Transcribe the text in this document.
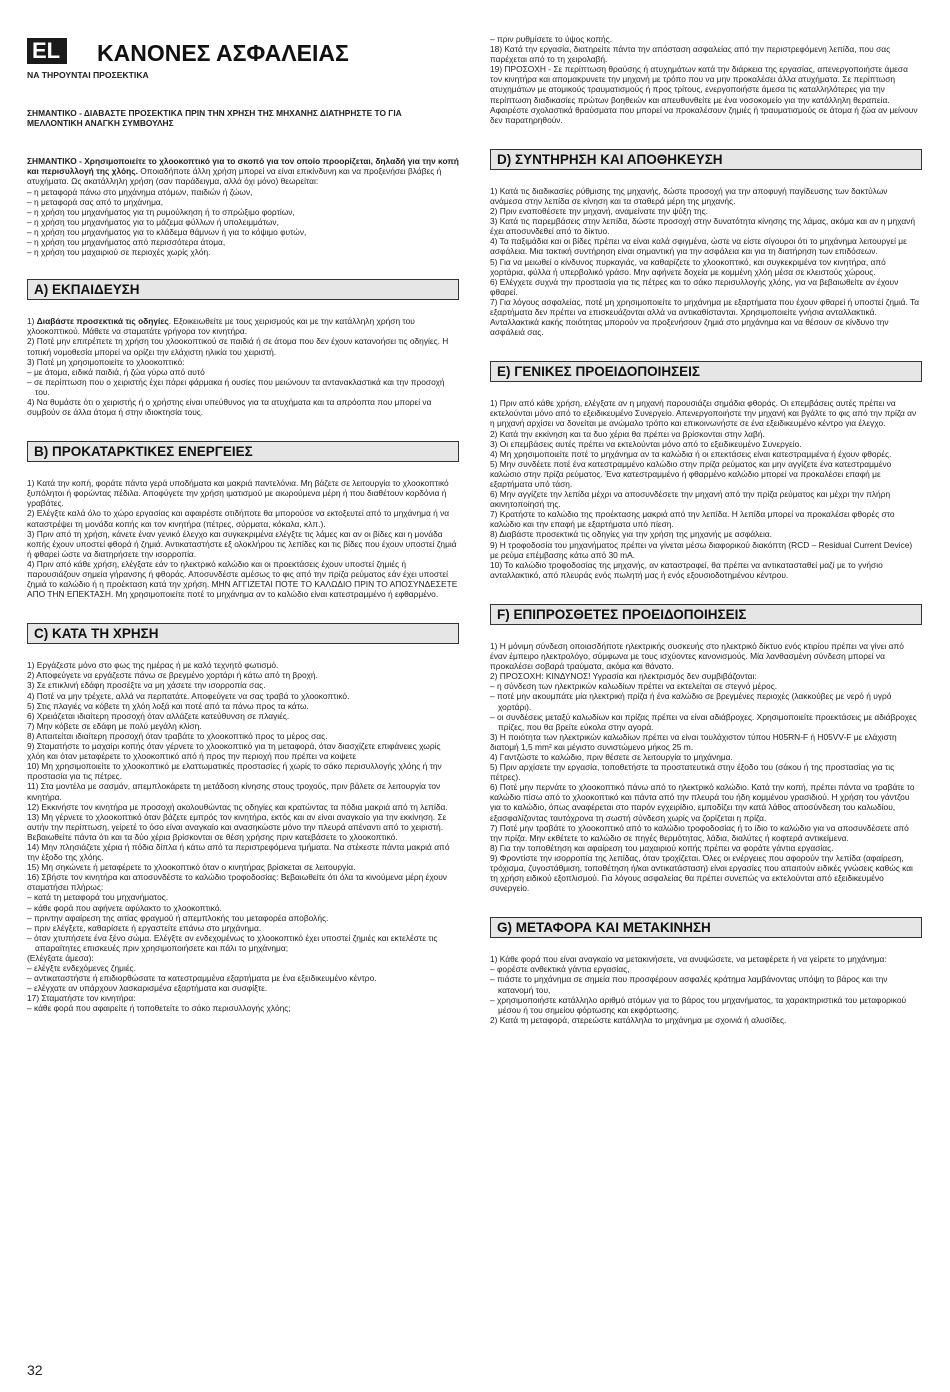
EL	ΚΑΝΟΝΕΣ ΑΣΦΑΛΕΙΑΣ

ΝΑ ΤΗΡΟΥΝΤΑΙ ΠΡΟΣΕΚΤΙΚΑ

ΣΗΜΑΝΤΙΚΟ - ΔΙΑΒΑΣΤΕ ΠΡΟΣΕΚΤΙΚΑ ΠΡΙΝ ΤΗΝ ΧΡΗΣΗ ΤΗΣ ΜΗΧΑΝΗΣ ΔΙΑΤΗΡΗΣΤΕ ΤΟ ΓΙΑ ΜΕΛΛΟΝΤΙΚΗ ΑΝΑΓΚΗ ΣΥΜΒΟΥΛΗΣ

ΣΗΜΑΝΤΙΚΟ - Χρησιμοποιείτε το χλοοκοπτικό για το σκοπό για τον οποίο προορίζεται, δηλαδή για την κοπή και περισυλλογή της χλόης. Οποιαδήποτε άλλη χρήση μπορεί να είναι επικίνδυνη και να προξενήσει βλάβες ή ατυχήματα. Ως ακατάλληλη χρήση (σαν παράδειγμα, αλλά όχι μόνο) θεωρείται:

– η μεταφορά πάνω στο μηχάνημα ατόμων, παιδιών ή ζώων,

– η μεταφορά σας από το μηχάνημα,

– η χρήση του μηχανήματος για τη ρυμούλκηση ή το σπρώξιμο φορτίων,

– η χρήση του μηχανήματος για το μάζεμα φύλλων ή υπολειμμάτων,

– η χρήση του μηχανήματος για το κλάδεμα θάμνων ή για το κόψιμο φυτών,

– η χρήση του μηχανήματος από περισσότερα άτομα,

– η χρήση του μαχαιριού σε περιοχές χωρίς χλόη.

A) ΕΚΠΑΙΔΕΥΣΗ

1) Διαβάστε προσεκτικά τις οδηγίες. Εξοικειωθείτε με τους χειρισμούς και με την κατάλληλη χρήση του χλοοκοπτικού. Μάθετε να σταματάτε γρήγορα τον κινητήρα.

2) Ποτέ μην επιτρέπετε τη χρήση του χλοοκοπτικού σε παιδιά ή σε άτομα που δεν έχουν κατανοήσει τις οδηγίες. Η τοπική νομοθεσία μπορεί να ορίζει την ελάχιστη ηλικία του χειριστή.

3) Ποτέ μη χρησιμοποιείτε το χλοοκοπτικό:

– με άτομα, ειδικά παιδιά, ή ζώα γύρω από αυτό

– σε περίπτωση που ο χειριστής έχει πάρει φάρμακα ή ουσίες που μειώνουν τα αντανακλαστικά και την προσοχή του.

4) Να θυμάστε ότι ο χειριστής ή ο χρήστης είναι υπεύθυνος για τα ατυχήματα και τα απρόοπτα που μπορεί να συμβούν σε άλλα άτομα ή στην ιδιοκτησία τους.

B) ΠΡΟΚΑΤΑΡΚΤΙΚΕΣ ΕΝΕΡΓΕΙΕΣ

1) Κατά την κοπή, φοράτε πάντα γερά υποδήματα και μακριά παντελόνια. Μη βάζετε σε λειτουργία το χλοοκοπτικό ξυπόλητοι ή φορώντας πέδιλα. Αποφύγετε την χρήση ιματισμού με αιωρούμενα μέρη ή που διαθέτουν κορδόνια ή γραβάτες.

2) Ελέγξτε καλά όλο το χώρο εργασίας και αφαιρέστε οτιδήποτε θα μπορούσε να εκτοξευτεί από το μηχάνημα ή να καταστρέψει τη μονάδα κοπής και τον κινητήρα (πέτρες, σύρματα, κόκαλα, κλπ.).

3) Πριν από τη χρήση, κάνετε έναν γενικό έλεγχο και συγκεκριμένα ελέγξτε τις λάμες και αν οι βίδες και η μονάδα κοπής έχουν υποστεί φθορά ή ζημιά. Αντικαταστήστε εξ ολοκλήρου τις λεπίδες και τις βίδες που έχουν υποστεί ζημιά ή φθαρεί ώστε να διατηρήσετε την ισορροπία.

4) Πριν από κάθε χρήση, ελέγξατε εάν το ηλεκτρικό καλώδιο και οι προεκτάσεις έχουν υποστεί ζημιές ή παρουσιάζουν σημεία γήρανσης ή φθοράς. Αποσυνδέστε αμέσως το φις από την πρίζα ρεύματος εάν έχει υποστεί ζημιά το καλώδιο ή η προέκταση κατά την χρήση. ΜΗΝ ΑΓΓΙΖΕΤΑΙ ΠΟΤΕ ΤΟ ΚΑΛΩΔΙΟ ΠΡΙΝ ΤΟ ΑΠΟΣΥΝΔΕΣΕΤΕ ΑΠΟ ΤΗΝ ΕΠΕΚΤΑΣΗ. Μη χρησιμοποιείτε ποτέ το μηχάνημα αν το καλώδιο είναι κατεστραμμένο ή εφθαρμένο.

C) ΚΑΤΑ ΤΗ ΧΡΗΣΗ

1) Εργάζεστε μόνο στο φως της ημέρας ή με καλό τεχνητό φωτισμό.

2) Αποφεύγετε να εργάζεστε πάνω σε βρεγμένο χορτάρι ή κάτω από τη βροχή.

3) Σε επικλινή εδάφη προσέξτε να μη χάσετε την ισορροπία σας.

4) Ποτέ να μην τρέχετε, αλλά να περπατάτε. Αποφεύγετε να σας τραβά το χλοοκοπτικό.

5) Στις πλαγιές να κόβετε τη χλόη λοξά και ποτέ από τα πάνω προς τα κάτω.

6) Χρειάζεται ιδιαίτερη προσοχή όταν αλλάζετε κατεύθυνση σε πλαγιές.

7) Μην κόβετε σε εδάφη με πολύ μεγάλη κλίση.

8) Απαιτείται ιδιαίτερη προσοχή όταν τραβάτε το χλοοκοπτικό προς το μέρος σας.

9) Σταματήστε το μαχαίρι κοπής όταν γέρνετε το χλοοκοπτικό για τη μεταφορά, όταν διασχίζετε επιφάνειες χωρίς χλόη και όταν μεταφέρετε το χλοοκοπτικό από ή προς την περιοχή που πρέπει να κοψετε

10) Μη χρησιμοποιείτε το χλοοκοπτικό με ελαττωματικές προστασίες ή χωρίς το σάκο περισυλλογής χλόης ή την προστασία για τις πέτρες.

11) Στα μοντέλα με σασμάν, απεμπλοκάρετε τη μετάδοση κίνησης στους τροχούς, πριν βάλετε σε λειτουργία τον κινητήρα.

12) Εκκινήστε τον κινητήρα με προσοχή ακολουθώντας τις οδηγίες και κρατώντας τα πόδια μακριά από τη λεπίδα.

13) Μη γέρνετε το χλοοκοπτικό όταν βάζετε εμπρός τον κινητήρα, εκτός και αν είναι αναγκαίο για την εκκίνηση. Σε αυτήν την περίπτωση, γείρετέ το όσο είναι αναγκαίο και ανασηκώστε μόνο την πλευρά απέναντι από το χειριστή. Βεβαιωθείτε πάντα ότι και τα δύο χέρια βρίσκονται σε θέση χρήσης πριν κατεβάσετε το χλοοκοπτικό.

14) Μην πλησιάζετε χέρια ή πόδια δίπλα ή κάτω από τα περιστρεφόμενα τμήματα. Να στέκεστε πάντα μακριά από την έξοδο της χλόης.

15) Μη σηκώνετε ή μεταφέρετε το χλοοκοπτικό όταν ο κινητήρας βρίσκεται σε λειτουργία.

16) Σβήστε τον κινητήρα και αποσυνδέστε το καλώδιο τροφοδοσίας: Βεβαιωθείτε ότι όλα τα κινούμενα μέρη έχουν σταματήσει πλήρως:

– κατά τη μεταφορά του μηχανήματος.

– κάθε φορά που αφήνετε αφύλακτο το χλοοκοπτικό.

– πριντην αφαίρεση της αιτίας φραγμού ή απεμπλοκής του μεταφορέα αποβολής.

– πριν ελέγξετε, καθαρίσετε ή εργαστείτε επάνω στο μηχάνημα.

– όταν χτυπήσετε ένα ξένο σώμα. Ελέγξτε αν ενδεχομένως το χλοοκοπτικό έχει υποστεί ζημιές και εκτελέστε τις απαραίτητες επισκευές πριν χρησιμοποιήσετε και πάλι το μηχάνημα;

(Ελέγξατε άμεσα):

– ελέγξτε ενδεχόμενες ζημιές.

– αντικαταστήστε ή επιδιορθώσατε τα κατεστραμμένα εξαρτήματα με ένα εξειδικευμένο κέντρο.

– ελέγχατε αν υπάρχουν λασκαρισμένα εξαρτήματα και συσφίξτε.

17) Σταματήστε τον κινητήρα:

– κάθε φορά που αφαιρείτε ή τοποθετείτε το σάκο περισυλλογής χλόης;

32

– πριν ρυθμίσετε το ύψος κοπής.

18) Κατά την εργασία, διατηρείτε πάντα την απόσταση ασφαλείας από την περιστρεφόμενη λεπίδα, που σας παρέχεται από το τη χειρολαβή.

19) ΠΡΟΣΟΧΗ - Σε περίπτωση θραύσης ή ατυχημάτων κατά την διάρκεια της εργασίας, απενεργοποιήστε άμεσα τον κινητήρα και απομακρυνετε την μηχανή με τρόπο που να μην προκαλέσει άλλα ατυχήματα. Σε περίπτωση ατυχημάτων με ατομικούς τραυματισμούς ή προς τρίτους, ενεργοποιήστε άμεσα τις καταλληλότερες για την περίπτωση διαδικασίες πρώτων βοηθειών και απευθυνθείτε με ένα νοσοκομείο για την κατάλληλη θεραπεία. Αφαιρέστε σχολαστικά θραύσματα που μπορεί να προκαλέσουν ζημιές ή τραυματισμούς σε άτομα ή ζώα αν μείνουν δεν παρατηρηθούν.

D) ΣΥΝΤΗΡΗΣΗ ΚΑΙ ΑΠΟΘΗΚΕΥΣΗ

1) Κατά τις διαδικασίες ρύθμισης της μηχανής, δώστε προσοχή για την αποφυγή παγίδευσης των δακτύλων ανάμεσα στην λεπίδα σε κίνηση και τα σταθερά μέρη της μηχανής.

2) Πριν εναποθέσετε την μηχανή, αναμείνατε την ψύξη της.

3) Κατά τις παρεμβάσεις στην λεπίδα, δώστε προσοχή στην δυνατότητα κίνησης της λάμας, ακόμα και αν η μηχανή έχει αποσυνδεθεί από το δίκτυο.

4) Τα παξιμάδια και οι βίδες πρέπει να είναι καλά σφιγμένα, ώστε να είστε σίγουροι ότι το μηχάνημα λειτουργεί με ασφάλεια. Μια τακτική συντήρηση είναι σημαντική για την ασφάλεια και για τη διατήρηση των επιδόσεων.

5) Για να μειωθεί ο κίνδυνος πυρκαγιάς, να καθαρίζετε το χλοοκοπτικό, και συγκεκριμένα τον κινητήρα, από χορτάρια, φύλλα ή υπερβολικό γράσο. Μην αφήνετε δοχεία με κομμένη χλόη μέσα σε κλειστούς χώρους.

6) Ελέγχετε συχνά την προστασία για τις πέτρες και το σάκο περισυλλογής χλόης, για να βεβαιωθείτε αν έχουν φθαρεί.

7) Για λόγους ασφαλείας, ποτέ μη χρησιμοποιείτε το μηχάνημα με εξαρτήματα που έχουν φθαρεί ή υποστεί ζημιά. Τα εξαρτήματα δεν πρέπει να επισκευάζονται αλλά να αντικαθίστανται. Χρησιμοποιείτε γνήσια ανταλλακτικά. Ανταλλακτικά κακής ποιότητας μπορούν να προξενήσουν ζημιά στο μηχάνημα και να θέσουν σε κίνδυνο την ασφάλειά σας.

E) ΓΕΝΙΚΕΣ ΠΡΟΕΙΔΟΠΟΙΗΣΕΙΣ

1) Πριν από κάθε χρήση, ελέγξατε αν η μηχανή παρουσιάζει σημάδια φθοράς. Οι επεμβάσεις αυτές πρέπει να εκτελούνται μόνο από το εξειδικευμένο Συνεργείο. Απενεργοποιήστε την μηχανή και βγάλτε το φις από την πρίζα αν η μηχανή αρχίσει να δονείται με ανώμαλο τρόπο και επικοινωνήστε σε ένα εξειδικευμένο κέντρο για έλεγχο.

2) Κατά την εκκίνηση και τα δυο χέρια θα πρέπει να βρίσκονται στην λαβή.

3) Οι επεμβάσεις αυτές πρέπει να εκτελούνται μόνο από το εξειδικευμένο Συνεργείο.

4) Μη χρησιμοποιείτε ποτέ το μηχάνημα αν τα καλώδια ή οι επεκτάσεις είναι κατεστραμμένα ή έχουν φθορές.

5) Μην συνδέετε ποτέ ένα κατεστραμμένο καλώδιο στην πρίζα ρεύματος και μην αγγίζετε ένα κατεστραμμένο καλώσιο στην πρίζα ρεύματος. Ένα κατεστραμμένο ή φθαρμένο καλώδιο μπορεί να προκαλέσει επαφή με εξαρτήματα υπό τάση.

6) Μην αγγίζετε την λεπίδα μέχρι να αποσυνδέσετε την μηχανή από την πρίζα ρεύματος και μέχρι την πλήρη ακινητοποίησή της.

7) Κρατήστε το καλώδιο της προέκτασης μακριά από την λεπίδα. Η λεπίδα μπορεί να προκαλέσει φθορές στο καλώδιο και την επαφή με εξαρτήματα υπό πίεση.

8) Διαβάστε προσεκτικά τις οδηγίες για την χρήση της μηχανής με ασφάλεια.

9) Η τροφοδοσία του μηχανήματος πρέπει να γίνεται μέσω διαφορικού διακόπτη (RCD – Residual Current Device) με ρεύμα επέμβασης κάτω από 30 mA.

10) Το καλώδιο τροφοδοσίας της μηχανής, αν καταστραφεί, θα πρέπει να αντικατασταθεί μαζί με το γνήσιο ανταλλακτικό, από πλευράς ενός πωλητή μας ή ενός εξουσιοδοτημένου κέντρου.

F) ΕΠΙΠΡΟΣΘΕΤΕΣ ΠΡΟΕΙΔΟΠΟΙΗΣΕΙΣ

1) Η μόνιμη σύνδεση οποιασδήποτε ηλεκτρικής συσκευής στο ηλεκτρικό δίκτυο ενός κτιρίου πρέπει να γίνει από έναν έμπειρο ηλεκτρολόγο, σύμφωνα με τους ισχύοντες κανονισμούς. Μία λανθασμένη σύνδεση μπορεί να προκαλέσει σοβαρά τραύματα, ακόμα και θάνατο.

2) ΠΡΟΣΟΧΗ: ΚΙΝΔΥΝΟΣ! Υγρασία και ηλεκτρισμός δεν συμβιβάζονται:

– η σύνδεση των ηλεκτρικών καλωδίων πρέπει να εκτελείται σε στεγνό μέρος.

– ποτέ μην ακουμπάτε μία ηλεκτρική πρίζα ή ένα καλώδιο σε βρεγμένες περιοχές (λακκούβες με νερό ή υγρό χορτάρι).

– οι συνδέσεις μεταξύ καλωδίων και πρίζας πρέπει να είναι αδιάβροχες. Χρησιμοποιείτε προεκτάσεις με αδιάβροχες πρίζες, που θα βρείτε εύκολα στην αγορά.

3) Η ποιότητα των ηλεκτρικών καλωδίων πρέπει να είναι τουλάχιστον τύπου H05RN-F ή H05VV-F με ελάχιστη διατομή 1,5 mm² και μέγιστο συνιστώμενο μήκος 25 m.

4) Γαντζώστε το καλώδιο, πριν θέσετε σε λειτουργία το μηχάνημα.

5) Πριν αρχίσετε την εργασία, τοποθετήστε τα προστατευτικά στην έξοδο του (σάκου ή της προστασίας για τις πέτρες).

6) Ποτέ μην περνάτε το χλοοκοπτικό πάνω από το ηλεκτρικό καλώδιο. Κατά την κοπή, πρέπει πάντα να τραβάτε το καλώδιο πίσω από το χλοοκοπτικό και πάντα από την πλευρά του ήδη κομμένου γρασιδιού. Η χρήση του γάντζου για το καλώδιο, όπως αναφέρεται στο παρόν εγχειρίδιο, εμποδίζει την κατά λάθος αποσύνδεση του καλωδίου, εξασφαλίζοντας ταυτόχρονα τη σωστή σύνδεση χωρίς να ζορίζεται η πρίζα.

7) Ποτέ μην τραβάτε το χλοοκοπτικό από το καλώδιο τροφοδοσίας ή το ίδιο το καλώδιο για να αποσυνδέσετε από την πρίζα. Μην εκθέτετε το καλώδιο σε πηγές θερμότητας, λάδια, διαλύτες ή κοφτερά αντικείμενα.

8) Για την τοποθέτηση και αφαίρεση του μαχαιριού κοπής πρέπει να φοράτε γάντια εργασίας.

9) Φροντίστε την ισορροπία της λεπίδας, όταν τροχίζεται. Όλες οι ενέργειες που αφορούν την λεπίδα (αφαίρεση, τρόχισμα, ζυγοστάθμιση, τοποθέτηση ή/και αντικατάσταση) είναι εργασίες που απαιτούν ειδικές γνώσεις καθώς και τη χρήση ειδικού εξοπλισμού. Για λόγους ασφαλείας θα πρέπει συνεπώς να εκτελούνται από εξειδικευμένο συνεργείο.

G) ΜΕΤΑΦΟΡΑ ΚΑΙ ΜΕΤΑΚΙΝΗΣΗ

1) Κάθε φορά που είναι αναγκαίο να μετακινήσετε, να ανυψώσετε, να μεταφέρετε ή να γείρετε το μηχάνημα:

– φορέστε ανθεκτικά γάντια εργασίας,

– πιάστε το μηχάνημα σε σημεία που προσφέρουν ασφαλές κράτημα λαμβάνοντας υπόψη το βάρος και την κατανομή του,

– χρησιμοποιήστε κατάλληλο αριθμό ατόμων για το βάρος του μηχανήματος, τα χαρακτηριστικά του μεταφορικού μέσου ή του σημείου φόρτωσης και εκφόρτωσης.

2) Κατά τη μεταφορά, στερεώστε κατάλληλα το μηχάνημα με σχοινιά ή αλυσίδες.
